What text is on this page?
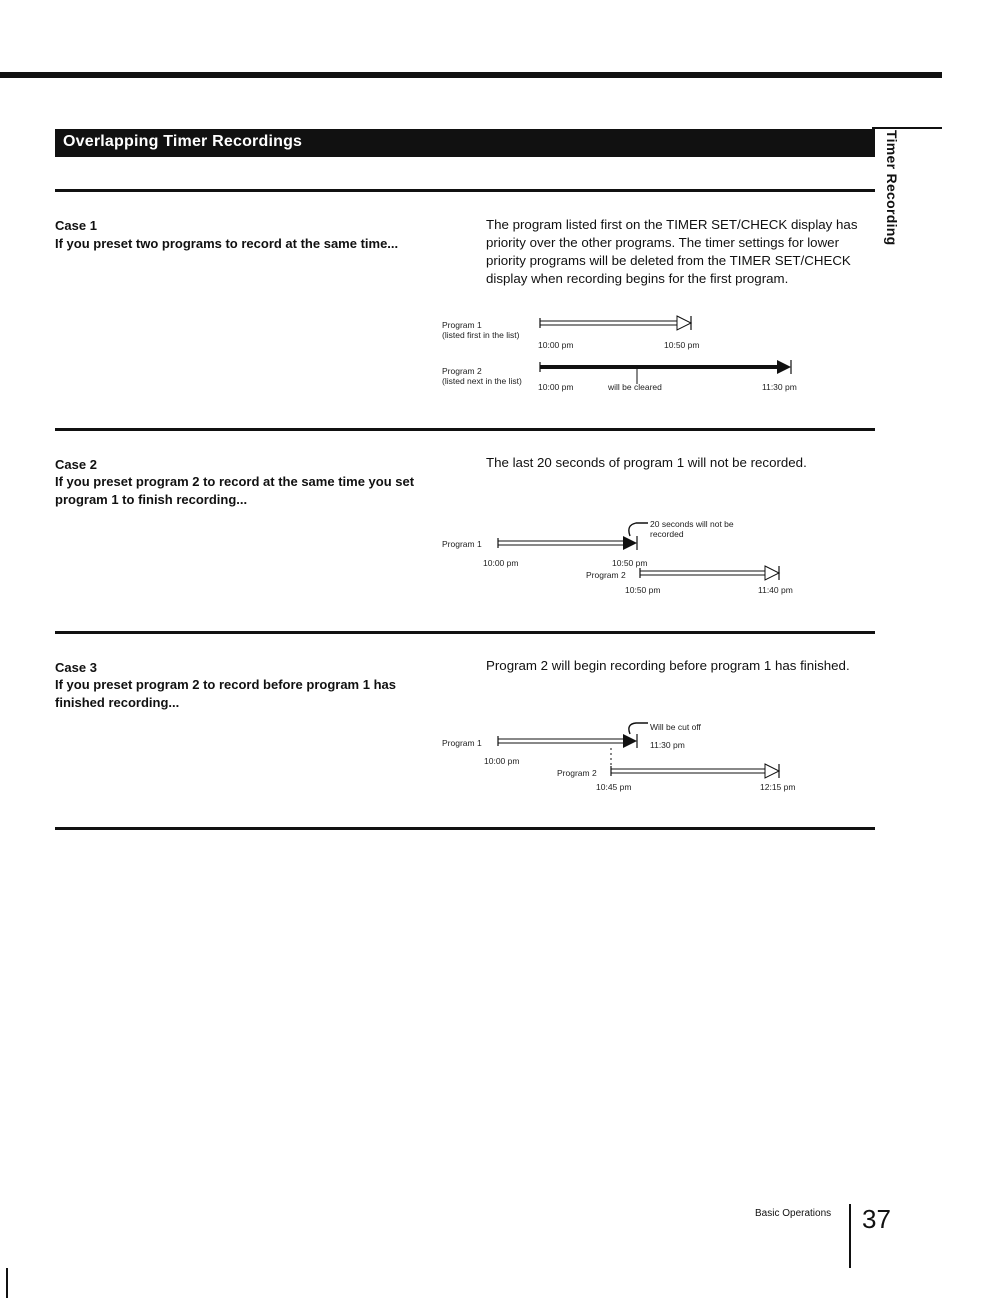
Overlapping Timer Recordings	Timer Recording
Case 1
If you preset two programs to record at the same time...
The program listed first on the TIMER SET/CHECK display has priority over the other programs. The timer settings for lower priority programs will be deleted from the TIMER SET/CHECK display when recording begins for the first program.
Program 1
(listed first in the list)
10:00 pm	10:50 pm
Program 2
(listed next in the list)
10:00 pm	will be cleared	11:30 pm
Case 2
If you preset program 2 to record at the same time you set program 1 to finish recording...
The last 20 seconds of program 1 will not be recorded.
20 seconds will not be recorded
Program 1
10:00 pm	10:50 pm
Program 2
10:50 pm	11:40 pm
Case 3
If you preset program 2 to record before program 1 has finished recording...
Program 2 will begin recording before program 1 has finished.
Will be cut off
Program 1	11:30 pm
10:00 pm
Program 2
10:45 pm	12:15 pm
Basic Operations 37
